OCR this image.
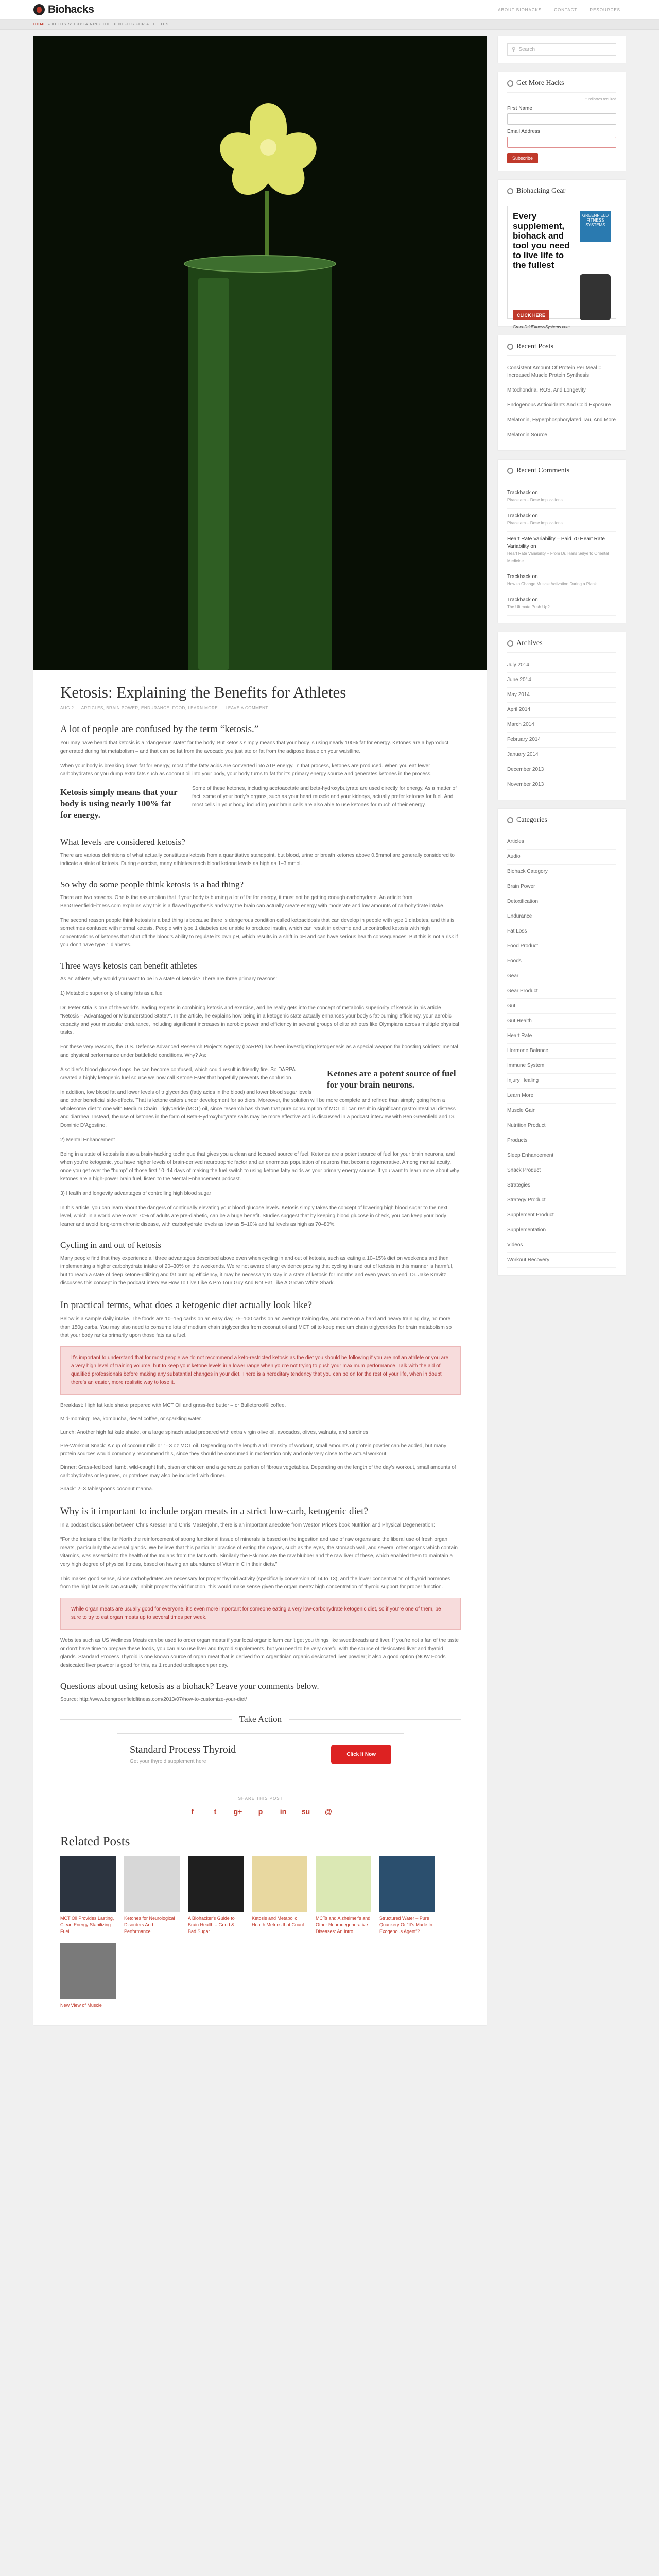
Biohacks	ABOUT BIOHACKS	CONTACT	RESOURCES
HOME » KETOSIS: EXPLAINING THE BENEFITS FOR ATHLETES
Ketosis: Explaining the Benefits for Athletes
AUG 2 ARTICLES, BRAIN POWER, ENDURANCE, FOOD, LEARN MORE LEAVE A COMMENT
A lot of people are confused by the term “ketosis.”

You may have heard that ketosis is a “dangerous state” for the body. But ketosis simply means that your body is using nearly 100% fat for energy. Ketones are a byproduct generated during fat metabolism – and that can be fat from the avocado you just ate or fat from the adipose tissue on your waistline.

When your body is breaking down fat for energy, most of the fatty acids are converted into ATP energy. In that process, ketones are produced. When you eat fewer carbohydrates or you dump extra fats such as coconut oil into your body, your body turns to fat for it’s primary energy source and generates ketones in the process.

Ketosis simply means that your body is using nearly 100% fat for energy.
Some of these ketones, including acetoacetate and beta-hydroxybutyrate are used directly for energy. As a matter of fact, some of your body’s organs, such as your heart muscle and your kidneys, actually prefer ketones for fuel. And most cells in your body, including your brain cells are also able to use ketones for much of their energy.
What levels are considered ketosis?

There are various definitions of what actually constitutes ketosis from a quantitative standpoint, but blood, urine or breath ketones above 0.5mmol are generally considered to indicate a state of ketosis. During exercise, many athletes reach blood ketone levels as high as 1–3 mmol.

So why do some people think ketosis is a bad thing?

There are two reasons. One is the assumption that if your body is burning a lot of fat for energy, it must not be getting enough carbohydrate. An article from BenGreenfieldFitness.com explains why this is a flawed hypothesis and why the brain can actually create energy with moderate and low amounts of carbohydrate intake.

The second reason people think ketosis is a bad thing is because there is dangerous condition called ketoacidosis that can develop in people with type 1 diabetes, and this is sometimes confused with normal ketosis. People with type 1 diabetes are unable to produce insulin, which can result in extreme and uncontrolled ketosis with high concentrations of ketones that shut off the blood’s ability to regulate its own pH, which results in a shift in pH and can have serious health consequences. But this is not a risk if you don’t have type 1 diabetes.

Three ways ketosis can benefit athletes

As an athlete, why would you want to be in a state of ketosis? There are three primary reasons:

1) Metabolic superiority of using fats as a fuel

Dr. Peter Attia is one of the world’s leading experts in combining ketosis and exercise, and he really gets into the concept of metabolic superiority of ketosis in his article “Ketosis – Advantaged or Misunderstood State?”. In the article, he explains how being in a ketogenic state actually enhances your body’s fat-burning efficiency, your aerobic capacity and your muscular endurance, including significant increases in aerobic power and efficiency in several groups of elite athletes like Olympians across multiple physical tasks.

For these very reasons, the U.S. Defense Advanced Research Projects Agency (DARPA) has been investigating ketogenesis as a special weapon for boosting soldiers’ mental and physical performance under battlefield conditions. Why? As:

Ketones are a potent source of fuel for your brain neurons.

A soldier’s blood glucose drops, he can become confused, which could result in friendly fire. So DARPA created a highly ketogenic fuel source we now call Ketone Ester that hopefully prevents the confusion.

In addition, low blood fat and lower levels of triglycerides (fatty acids in the blood) and lower blood sugar levels and other beneficial side-effects. That is ketone esters under development for soldiers. Moreover, the solution will be more complete and refined than simply going from a wholesome diet to one with Medium Chain Triglyceride (MCT) oil, since research has shown that pure consumption of MCT oil can result in significant gastrointestinal distress and diarrhea. Instead, the use of ketones in the form of Beta-Hydroxybutyrate salts may be more effective and is discussed in a podcast interview with Ben Greenfield and Dr. Dominic D’Agostino.

2) Mental Enhancement

Being in a state of ketosis is also a brain-hacking technique that gives you a clean and focused source of fuel. Ketones are a potent source of fuel for your brain neurons, and when you’re ketogenic, you have higher levels of brain-derived neurotrophic factor and an enormous population of neurons that become regenerative. Among mental acuity, once you get over the “hump” of those first 10–14 days of making the fuel switch to using ketone fatty acids as your primary energy source. If you want to learn more about why ketones are a high-power brain fuel, listen to the Mental Enhancement podcast.

3) Health and longevity advantages of controlling high blood sugar

In this article, you can learn about the dangers of continually elevating your blood glucose levels. Ketosis simply takes the concept of lowering high blood sugar to the next level, which in a world where over 70% of adults are pre-diabetic, can be a huge benefit. Studies suggest that by keeping blood glucose in check, you can keep your body leaner and avoid long-term chronic disease, with carbohydrate levels as low as 5–10% and fat levels as high as 70–80%.

Cycling in and out of ketosis

Many people find that they experience all three advantages described above even when cycling in and out of ketosis, such as eating a 10–15% diet on weekends and then implementing a higher carbohydrate intake of 20–30% on the weekends. We’re not aware of any evidence proving that cycling in and out of ketosis in this manner is harmful, but to reach a state of deep ketone-utilizing and fat burning efficiency, it may be necessary to stay in a state of ketosis for months and even years on end. Dr. Jake Kravitz discusses this concept in the podcast interview How To Live Like A Pro Tour Guy And Not Eat Like A Grown White Shark.

In practical terms, what does a ketogenic diet actually look like?

Below is a sample daily intake. The foods are 10–15g carbs on an easy day, 75–100 carbs on an average training day, and more on a hard and heavy training day, no more than 150g carbs. You may also need to consume lots of medium chain triglycerides from coconut oil and MCT oil to keep medium chain triglycerides for brain metabolism so that your body ranks primarily upon those fats as a fuel.

It’s important to understand that for most people we do not recommend a keto-restricted ketosis as the diet you should be following if you are not an athlete or you are a very high level of training volume, but to keep your ketone levels in a lower range when you’re not trying to push your maximum performance. Talk with the aid of qualified professionals before making any substantial changes in your diet. There is a hereditary tendency that you can be on for the rest of your life, when in doubt there’s an easier, more realistic way to lose it.

Breakfast: High fat kale shake prepared with MCT Oil and grass-fed butter – or Bulletproof® coffee.

Mid-morning: Tea, kombucha, decaf coffee, or sparkling water.

Lunch: Another high fat kale shake, or a large spinach salad prepared with extra virgin olive oil, avocados, olives, walnuts, and sardines.

Pre-Workout Snack: A cup of coconut milk or 1–3 oz MCT oil. Depending on the length and intensity of workout, small amounts of protein powder can be added, but many protein sources would commonly recommend this, since they should be consumed in moderation only and only very close to the actual workout.

Dinner: Grass-fed beef, lamb, wild-caught fish, bison or chicken and a generous portion of fibrous vegetables. Depending on the length of the day’s workout, small amounts of carbohydrates or legumes, or potatoes may also be included with dinner.

Snack: 2–3 tablespoons coconut manna.

Why is it important to include organ meats in a strict low-carb, ketogenic diet?

In a podcast discussion between Chris Kresser and Chris Masterjohn, there is an important anecdote from Weston Price’s book Nutrition and Physical Degeneration:

“For the Indians of the far North the reinforcement of strong functional tissue of minerals is based on the ingestion and use of raw organs and the liberal use of fresh organ meats, particularly the adrenal glands. We believe that this particular practice of eating the organs, such as the eyes, the stomach wall, and several other organs which contain vitamins, was essential to the health of the Indians from the far North. Similarly the Eskimos ate the raw blubber and the raw liver of these, which enabled them to maintain a very high degree of physical fitness, based on having an abundance of Vitamin C in their diets.”

This makes good sense, since carbohydrates are necessary for proper thyroid activity (specifically conversion of T4 to T3), and the lower concentration of thyroid hormones from the high fat cells can actually inhibit proper thyroid function, this would make sense given the organ meats’ high concentration of thyroid support for proper function.

While organ meats are usually good for everyone, it’s even more important for someone eating a very low-carbohydrate ketogenic diet, so if you’re one of them, be sure to try to eat organ meats up to several times per week.

Websites such as US Wellness Meats can be used to order organ meats if your local organic farm can’t get you things like sweetbreads and liver. If you’re not a fan of the taste or don’t have time to prepare these foods, you can also use liver and thyroid supplements, but you need to be very careful with the source of desiccated liver and thyroid glands. Standard Process Thyroid is one known source of organ meat that is derived from Argentinian organic desiccated liver powder; it also a good option (NOW Foods desiccated liver powder is good for this, as 1 rounded tablespoon per day.

Questions about using ketosis as a biohack? Leave your comments below.

Source: http://www.bengreenfieldfitness.com/2013/07/how-to-customize-your-diet/

Take Action
Standard Process Thyroid
Get your thyroid supplement here
Click It Now
SHARE THIS POST
f	t	g+	p	in su @
Related Posts
MCT Oil Provides Lasting, Clean Energy Stabilizing Fuel
Ketones for Neurological Disorders And Performance
A Biohacker's Guide to Brain Health – Good & Bad Sugar
Ketosis and Metabolic Health Metrics that Count
MCTs and Alzheimer's and Other Neurodegenerative Diseases: An Intro
Structured Water – Pure Quackery Or “It’s Made In Exogenous Agent”?
New View of Muscle
⚲ Search
Get More Hacks
* indicates required
First Name
Email Address
Subscribe
Biohacking Gear
Every supplement, biohack and tool you need to live life to the fullest
GREENFIELD FITNESS SYSTEMS
CLICK HERE
GreenfieldFitnessSystems.com
Recent Posts
Consistent Amount Of Protein Per Meal = Increased Muscle Protein Synthesis
Mitochondria, ROS, And Longevity
Endogenous Antioxidants And Cold Exposure
Melatonin, Hyperphosphorylated Tau, And More
Melatonin Source
Recent Comments
Trackback on
Piracetam – Dose implications
Trackback on
Piracetam – Dose implications
Heart Rate Variability – Paid 70 Heart Rate Variability on
Heart Rate Variability – From Dr. Hans Selye to Oriental Medicine
Trackback on
How to Change Muscle Activation During a Plank
Trackback on
The Ultimate Push Up?
Archives
July 2014
June 2014
May 2014
April 2014
March 2014
February 2014
January 2014
December 2013
November 2013
Categories
Articles
Audio
Biohack Category
Brain Power
Detoxification
Endurance
Fat Loss
Food Product
Foods
Gear
Gear Product
Gut
Gut Health
Heart Rate
Hormone Balance
Immune System
Injury Healing
Learn More
Muscle Gain
Nutrition Product
Products
Sleep Enhancement
Snack Product
Strategies
Strategy Product
Supplement Product
Supplementation
Videos
Workout Recovery
